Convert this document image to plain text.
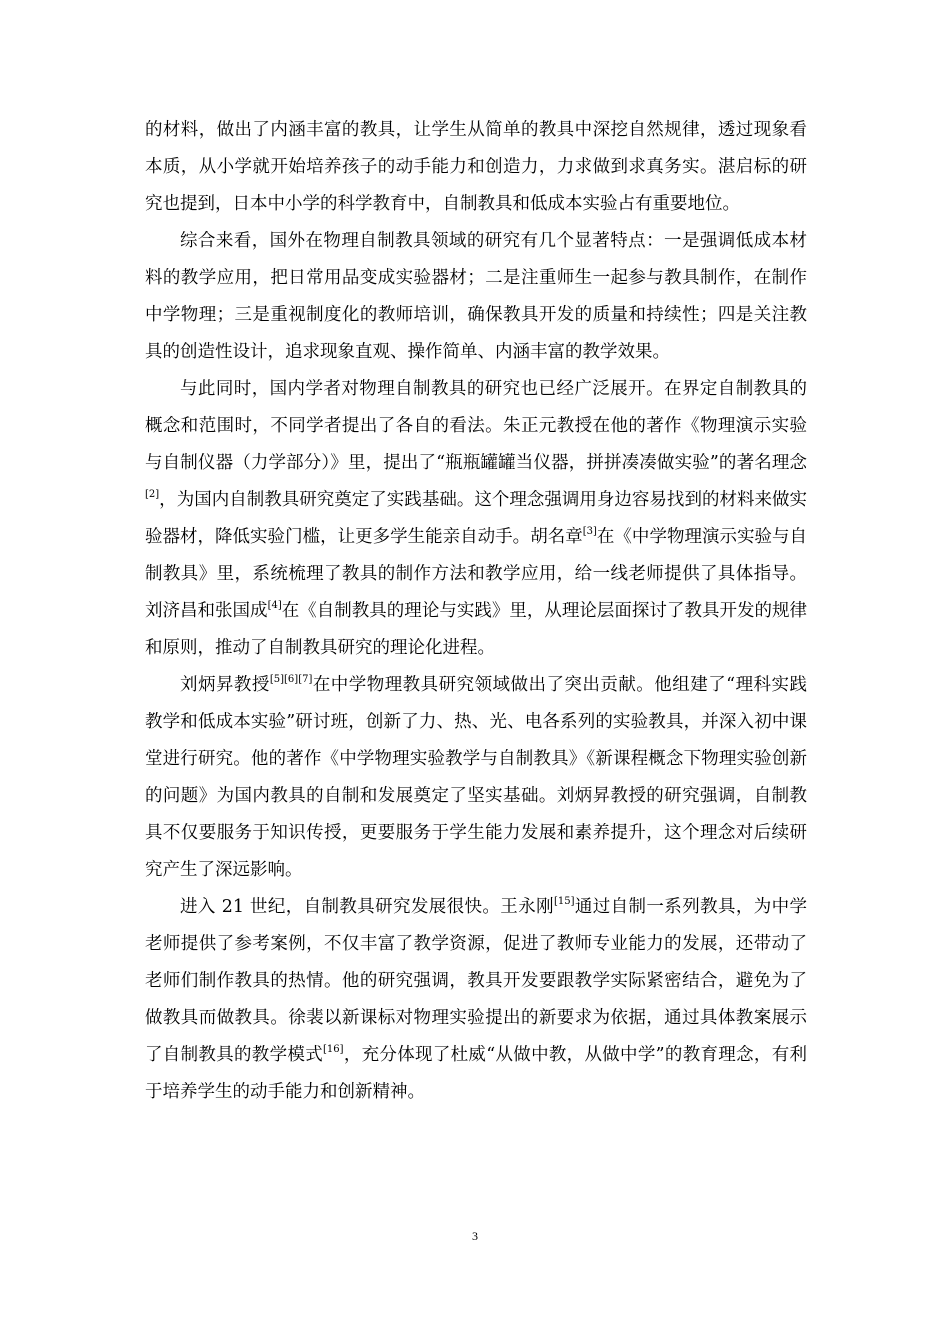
的材料，做出了内涵丰富的教具，让学生从简单的教具中深挖自然规律，透过现象看本质，从小学就开始培养孩子的动手能力和创造力，力求做到求真务实。湛启标的研究也提到，日本中小学的科学教育中，自制教具和低成本实验占有重要地位。

综合来看，国外在物理自制教具领域的研究有几个显著特点：一是强调低成本材料的教学应用，把日常用品变成实验器材；二是注重师生一起参与教具制作，在制作中学物理；三是重视制度化的教师培训，确保教具开发的质量和持续性；四是关注教具的创造性设计，追求现象直观、操作简单、内涵丰富的教学效果。

与此同时，国内学者对物理自制教具的研究也已经广泛展开。在界定自制教具的概念和范围时，不同学者提出了各自的看法。朱正元教授在他的著作《物理演示实验与自制仪器（力学部分）》里，提出了“瓶瓶罐罐当仪器，拼拼凑凑做实验”的著名理念[2]，为国内自制教具研究奠定了实践基础。这个理念强调用身边容易找到的材料来做实验器材，降低实验门槛，让更多学生能亲自动手。胡名章[3]在《中学物理演示实验与自制教具》里，系统梳理了教具的制作方法和教学应用，给一线老师提供了具体指导。刘济昌和张国成[4]在《自制教具的理论与实践》里，从理论层面探讨了教具开发的规律和原则，推动了自制教具研究的理论化进程。

刘炳昇教授[5][6][7]在中学物理教具研究领域做出了突出贡献。他组建了“理科实践教学和低成本实验”研讨班，创新了力、热、光、电各系列的实验教具，并深入初中课堂进行研究。他的著作《中学物理实验教学与自制教具》《新课程概念下物理实验创新的问题》为国内教具的自制和发展奠定了坚实基础。刘炳昇教授的研究强调，自制教具不仅要服务于知识传授，更要服务于学生能力发展和素养提升，这个理念对后续研究产生了深远影响。

进入 21 世纪，自制教具研究发展很快。王永刚[15]通过自制一系列教具，为中学老师提供了参考案例，不仅丰富了教学资源，促进了教师专业能力的发展，还带动了老师们制作教具的热情。他的研究强调，教具开发要跟教学实际紧密结合，避免为了做教具而做教具。徐裴以新课标对物理实验提出的新要求为依据，通过具体教案展示了自制教具的教学模式[16]，充分体现了杜威“从做中教，从做中学”的教育理念，有利于培养学生的动手能力和创新精神。

3
